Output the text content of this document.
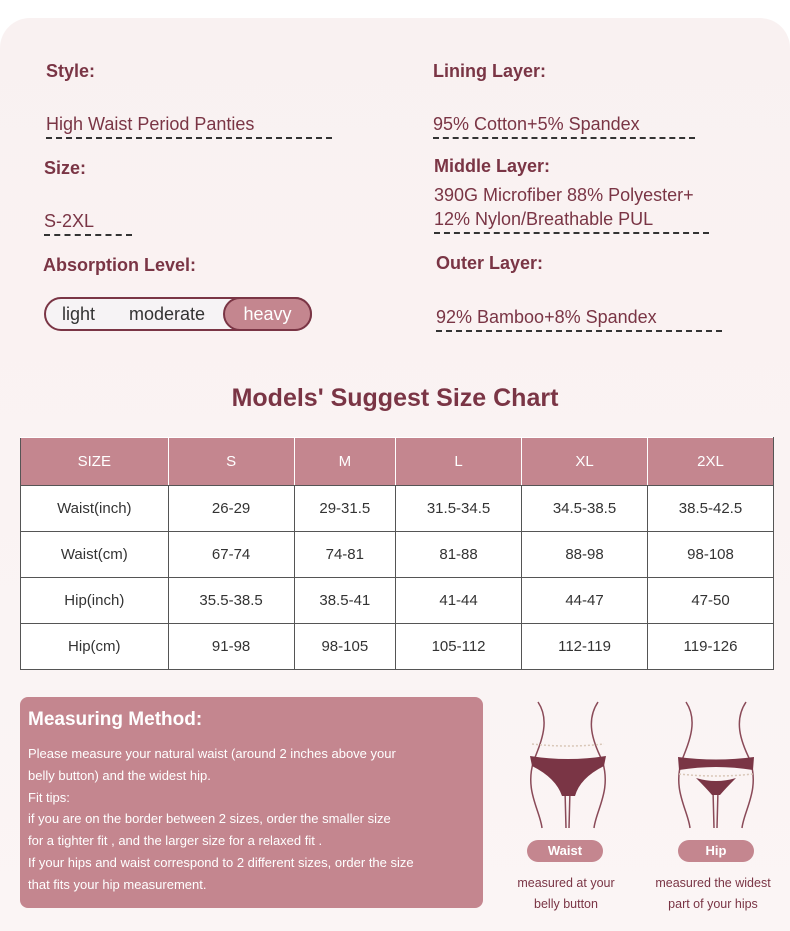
Style:
High Waist Period Panties
Size:
S-2XL
Absorption Level:
light moderate	heavy
Lining Layer:
95% Cotton+5% Spandex
Middle Layer:
390G Microfiber 88% Polyester+
12% Nylon/Breathable PUL
Outer Layer:
92% Bamboo+8% Spandex
Models' Suggest Size Chart
SIZE	S	M	L	XL	2XL
Waist(inch)	26-29	29-31.5	31.5-34.5	34.5-38.5	38.5-42.5
Waist(cm)	67-74	74-81	81-88	88-98	98-108
Hip(inch)	35.5-38.5	38.5-41	41-44	44-47	47-50
Hip(cm)	91-98	98-105	105-112	112-119	119-126
Measuring Method:

Please measure your natural waist (around 2 inches above your

belly button) and the widest hip.

Fit tips:

if you are on the border between 2 sizes, order the smaller size

for a tighter fit , and the larger size for a relaxed fit .

If your hips and waist correspond to 2 different sizes, order the size

that fits your hip measurement.

Waist
measured at your
belly button
Hip
measured the widest
part of your hips
